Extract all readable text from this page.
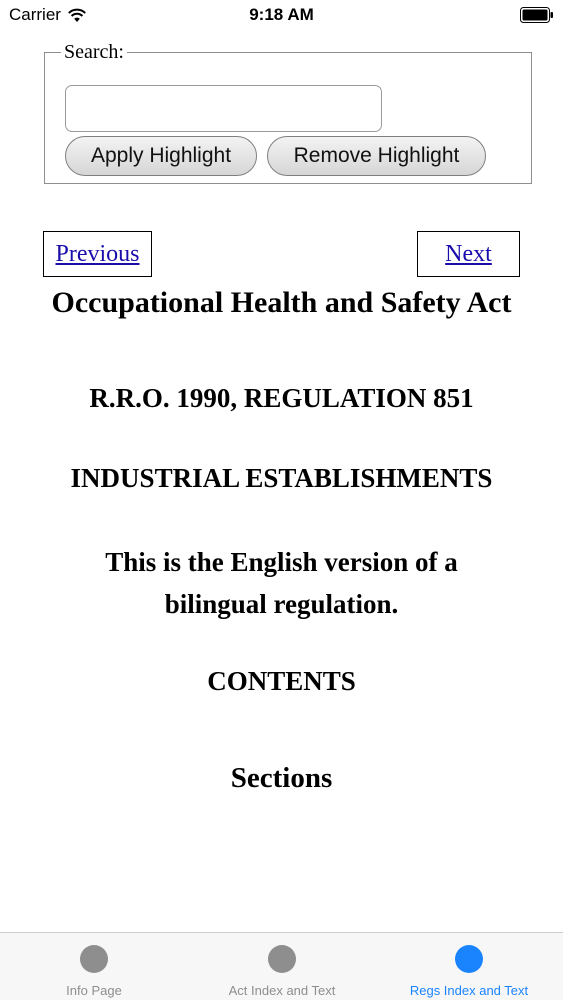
Carrier	9:18 AM
Search:
Apply Highlight	Remove Highlight
Previous	Next
Occupational Health and Safety Act
R.R.O. 1990, REGULATION 851
INDUSTRIAL ESTABLISHMENTS
This is the English version of a
bilingual regulation.
CONTENTS
Sections
Info Page	Act Index and Text	Regs Index and Text
